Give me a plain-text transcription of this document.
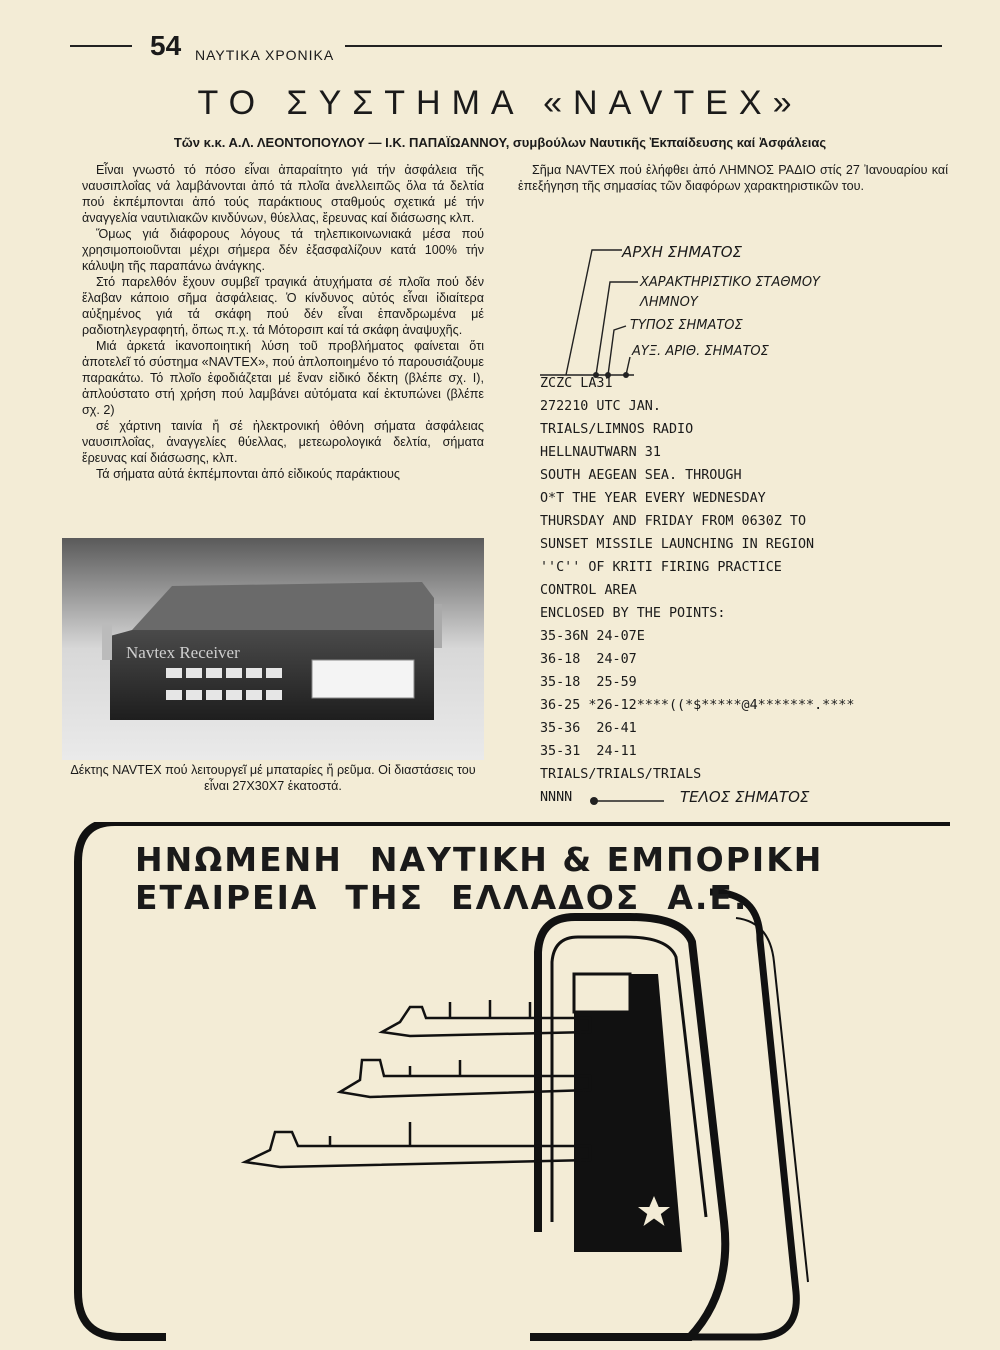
54 ΝΑΥΤΙΚΑ ΧΡΟΝΙΚΑ
ΤΟ ΣΥΣΤΗΜΑ «NAVTEX»
Τῶν κ.κ. Α.Λ. ΛΕΟΝΤΟΠΟΥΛΟΥ — Ι.Κ. ΠΑΠΑΪΩΑΝΝΟΥ, συμβούλων Ναυτικῆς Ἐκπαίδευσης καί Ἀσφάλειας

Εἶναι γνωστό τό πόσο εἶναι ἀπαραίτητο γιά τήν ἀσφάλεια τῆς ναυσιπλοΐας νά λαμβάνονται ἀπό τά πλοῖα ἀνελλειπῶς ὅλα τά δελτία πού ἐκπέμπονται ἀπό τούς παράκτιους σταθμούς σχετικά μέ τήν ἀναγγελία ναυτιλιακῶν κινδύνων, θύελλας, ἔρευνας καί διάσωσης κλπ.

Ὅμως γιά διάφορους λόγους τά τηλεπικοινωνιακά μέσα πού χρησιμοποιοῦνται μέχρι σήμερα δέν ἐξασφαλίζουν κατά 100% τήν κάλυψη τῆς παραπάνω ἀνάγκης.

Στό παρελθόν ἔχουν συμβεῖ τραγικά ἀτυχήματα σέ πλοῖα πού δέν ἔλαβαν κάποιο σῆμα ἀσφάλειας. Ὁ κίνδυνος αὐτός εἶναι ἰδιαίτερα αὐξημένος γιά τά σκάφη πού δέν εἶναι ἐπανδρωμένα μέ ραδιοτηλεγραφητή, ὅπως π.χ. τά Μότορσιπ καί τά σκάφη ἀναψυχῆς.

Μιά ἀρκετά ἱκανοποιητική λύση τοῦ προβλήματος φαίνεται ὅτι ἀποτελεῖ τό σύστημα «NAVTEX», πού ἀπλοποιημένο τό παρουσιάζουμε παρακάτω. Τό πλοῖο ἐφοδιάζεται μέ ἕναν εἰδικό δέκτη (βλέπε σχ. I), ἁπλούστατο στή χρήση πού λαμβάνει αὐτόματα καί ἐκτυπώνει (βλέπε σχ. 2)

σέ χάρτινη ταινία ἤ σέ ἠλεκτρονική ὀθόνη σήματα ἀσφάλειας ναυσιπλοΐας, ἀναγγελίες θύελλας, μετεωρολογικά δελτία, σήματα ἔρευνας καί διάσωσης, κλπ.

Τά σήματα αὐτά ἐκπέμπονται ἀπό εἰδικούς παράκτιους

Navtex Receiver
Δέκτης NAVTEX πού λειτουργεῖ μέ μπαταρίες ἤ ρεῦμα. Οἱ διαστάσεις του εἶναι 27X30X7 ἑκατοστά.
Σῆμα NAVTEX πού ἐλήφθει ἀπό ΛΗΜΝΟΣ ΡΑΔΙΟ στίς 27 Ἰανουαρίου καί ἐπεξήγηση τῆς σημασίας τῶν διαφόρων χαρακτηριστικῶν του.
ΑΡΧΗ ΣΗΜΑΤΟΣ
ΧΑΡΑΚΤΗΡΙΣΤΙΚΟ ΣΤΑΘΜΟΥ
ΛΗΜΝΟΥ
ΤΥΠΟΣ ΣΗΜΑΤΟΣ
ΑΥΞ. ΑΡΙΘ. ΣΗΜΑΤΟΣ
ZCZC LA31
272210 UTC JAN.
TRIALS/LIMNOS RADIO
HELLNAUTWARN 31
SOUTH AEGEAN SEA. THROUGH
O*T THE YEAR EVERY WEDNESDAY
THURSDAY AND FRIDAY FROM 0630Z TO
SUNSET MISSILE LAUNCHING IN REGION
''C'' OF KRITI FIRING PRACTICE
CONTROL AREA
ENCLOSED BY THE POINTS:
35-36N 24-07E
36-18  24-07
35-18  25-59
36-25 *26-12****((*$*****@4*******.****
35-36  26-41
35-31  24-11
TRIALS/TRIALS/TRIALS
NNNN	ΤΕΛΟΣ ΣΗΜΑΤΟΣ
ΗΝΩΜΕΝΗ  ΝΑΥΤΙΚΗ & ΕΜΠΟΡΙΚΗ
ΕΤΑΙΡΕΙΑ  ΤΗΣ  ΕΛΛΑΔΟΣ  Α.Ε.
